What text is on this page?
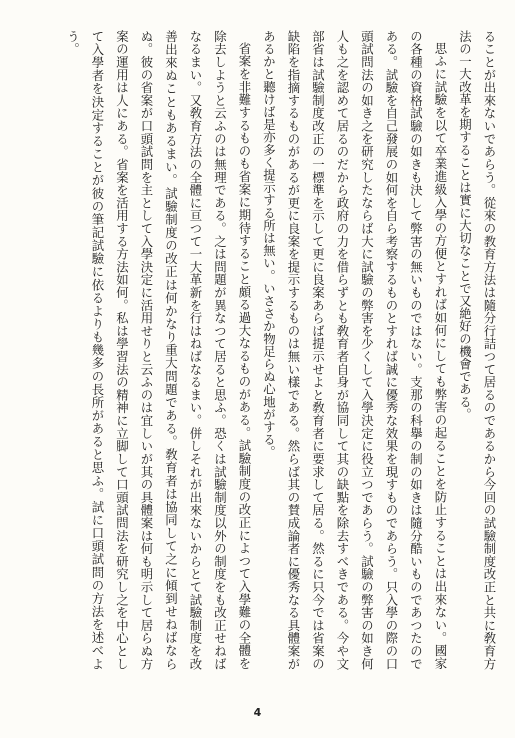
ることが出來ないであらう。從來の教育方法は隨分行詰つて居るのであるから今回の試驗制度改正と共に敎育方法の一大改革を期することは實に大切なことで又絶好の機會である。

思ふに試驗を以て卒業進級入學の方便とすれば如何にしても弊害の起ることを防止することは出來ない。國家の各種の資格試驗の如きも決して弊害の無いものではない。支那の科擧の制の如きは隨分酷いものであつたのである。試驗を自己發展の如何を自ら考察するものとすれば誠に優秀な效果を現すものであらう。只入學の際の口頭試問法の如き之を研究したならば大に試驗の弊害を少くして入學決定に役立つであらう。試驗の弊害の如き何人も之を認めて居るのだから政府の力を借らずとも敎育者自身が協同して其の缺點を除去すべきである。今や文部省は試驗制度改正の一標準を示して更に良案あらば提示せよと敎育者に要求して居る。然るに只今では省案の缺陷を指摘するものがあるが更に良案を提示するものは無い樣である。然らば其の賛成論者に優秀なる具體案があるかと聽けば是亦多く提示する所は無い。いささか物足らぬ心地がする。

省案を非難するものも省案に期待すること頗る過大なるものがある。試驗制度の改正によつて入學難の全體を除去しようと云ふのは無理である。之は問題が異なつて居ると思ふ。恐くは試驗制度以外の制度をも改正せねばなるまい。又敎育方法の全體に亘つて一大革新を行はねばなるまい。併しそれが出來ないからとて試驗制度を改善出來ぬこともあるまい。試驗制度の改正は何かなり重大問題である。敎育者は協同して之に傾到せねばならぬ。彼の省案が口頭試問を主として入學決定に活用せりと云ふのは宜しいが其の具體案は何も明示して居らぬ方案の運用は人にある。省案を活用する方法如何。私は學習法の精神に立脚して口頭試問法を研究し之を中心として入學者を決定することが彼の筆記試驗に依るよりも幾多の長所があると思ふ。試に口頭試問の方法を述べよう。

4
